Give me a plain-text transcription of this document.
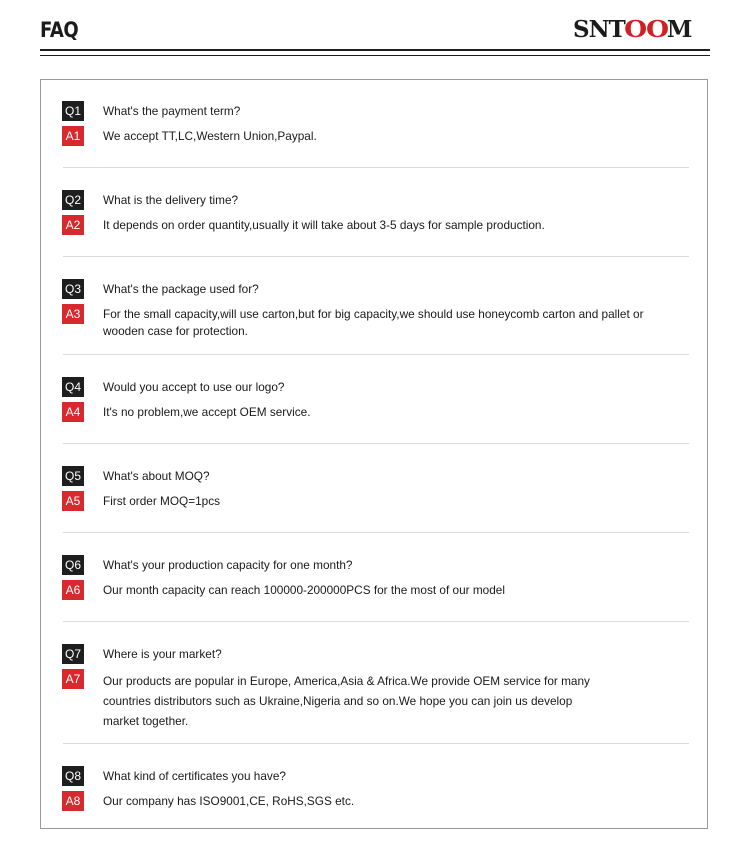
FAQ	SNT OO M
Q1 What's the payment term?
A1	We accept TT,LC,Western Union,Paypal.
Q2 What is the delivery time?
A2	It depends on order quantity,usually it will take about 3-5 days for sample production.
Q3 What's the package used for?
A3	For the small capacity,will use carton,but for big capacity,we should use honeycomb carton and pallet or wooden case for protection.
Q4 Would you accept to use our logo?
A4	It's no problem,we accept OEM service.
Q5 What's about MOQ?
A5	First order MOQ=1pcs
Q6 What's your production capacity for one month?
A6	Our month capacity can reach 100000-200000PCS for the most of our model
Q7 Where is your market?
A7	Our products are popular in Europe, America,Asia & Africa.We provide OEM service for many countries distributors such as Ukraine,Nigeria and so on.We hope you can join us develop market together.
Q8 What kind of certificates you have?
A8	Our company has ISO9001,CE, RoHS,SGS etc.
